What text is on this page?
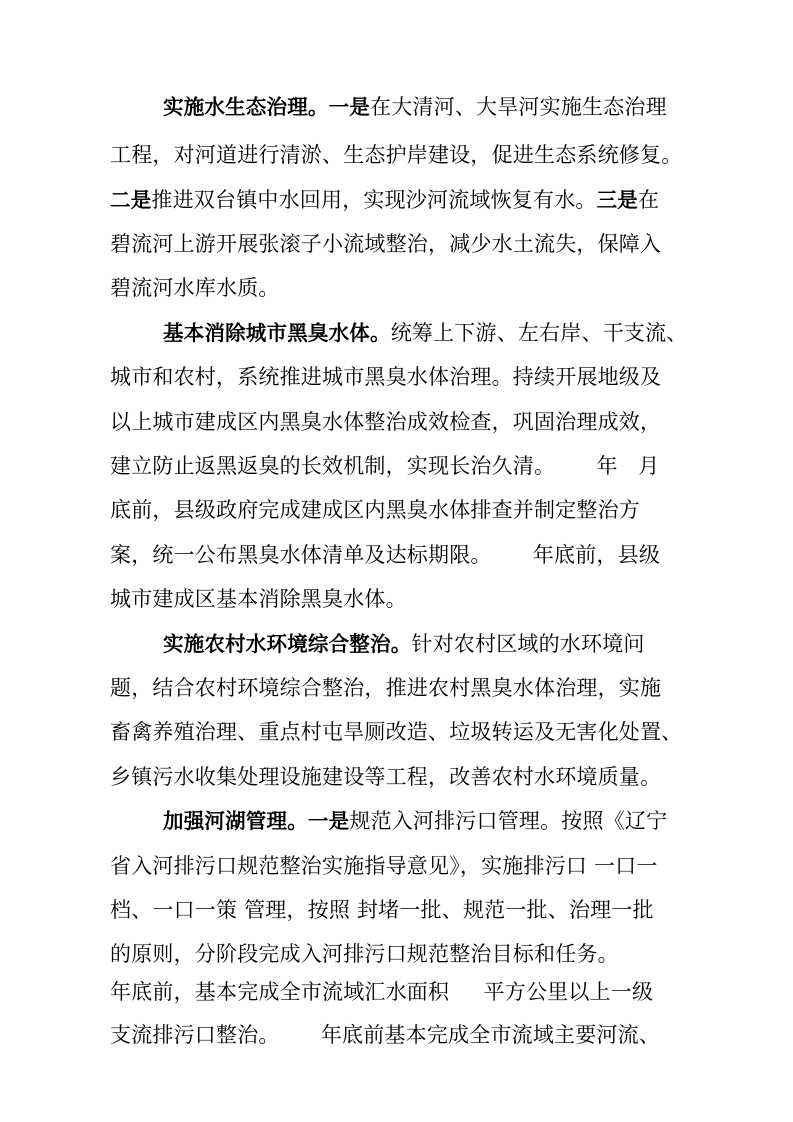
实施水生态治理。一是在大清河、大旱河实施生态治理
工程，对河道进行清淤、生态护岸建设，促进生态系统修复。
二是推进双台镇中水回用，实现沙河流域恢复有水。三是在
碧流河上游开展张滚子小流域整治，减少水土流失，保障入
碧流河水库水质。
基本消除城市黑臭水体。统筹上下游、左右岸、干支流、
城市和农村，系统推进城市黑臭水体治理。持续开展地级及
以上城市建成区内黑臭水体整治成效检查，巩固治理成效，
建立防止返黑返臭的长效机制，实现长治久清。      年   月
底前，县级政府完成建成区内黑臭水体排查并制定整治方
案，统一公布黑臭水体清单及达标期限。      年底前，县级
城市建成区基本消除黑臭水体。
实施农村水环境综合整治。针对农村区域的水环境问
题，结合农村环境综合整治，推进农村黑臭水体治理，实施
畜禽养殖治理、重点村屯旱厕改造、垃圾转运及无害化处置、
乡镇污水收集处理设施建设等工程，改善农村水环境质量。
加强河湖管理。一是规范入河排污口管理。按照《辽宁
省入河排污口规范整治实施指导意见》，实施排污口 一口一
档、一口一策 管理，按照 封堵一批、规范一批、治理一批
的原则，分阶段完成入河排污口规范整治目标和任务。
年底前，基本完成全市流域汇水面积     平方公里以上一级
支流排污口整治。      年底前基本完成全市流域主要河流、
